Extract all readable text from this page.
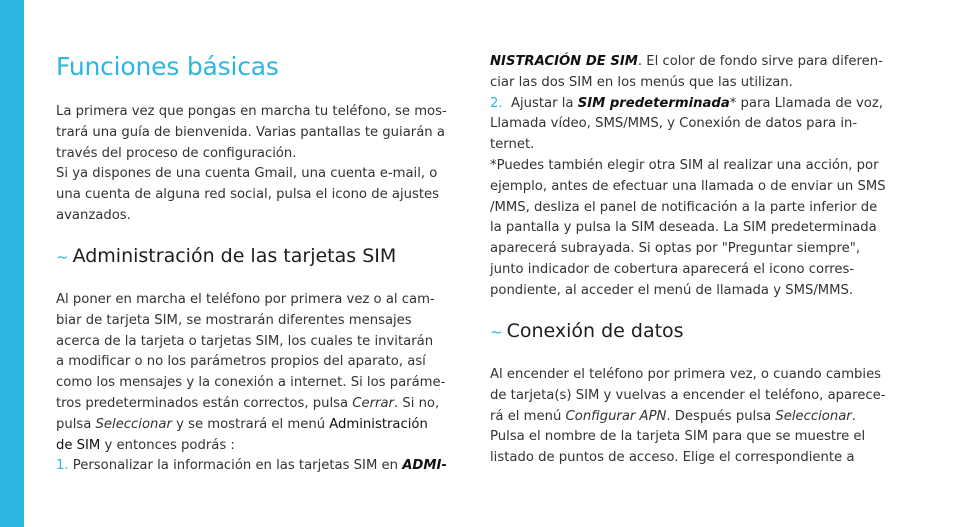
Funciones básicas

La primera vez que pongas en marcha tu teléfono, se mos-

trará una guía de bienvenida. Varias pantallas te guiarán a

través del proceso de configuración.

Si ya dispones de una cuenta Gmail, una cuenta e-mail, o

una cuenta de alguna red social, pulsa el icono de ajustes

avanzados.

~ Administración de las tarjetas SIM

Al poner en marcha el teléfono por primera vez o al cam-

biar de tarjeta SIM, se mostrarán diferentes mensajes

acerca de la tarjeta o tarjetas SIM, los cuales te invitarán

a modificar o no los parámetros propios del aparato, así

como los mensajes y la conexión a internet. Si los paráme-

tros predeterminados están correctos, pulsa Cerrar. Si no,

pulsa Seleccionar y se mostrará el menú Administración

de SIM y entonces podrás :

1. Personalizar la información en las tarjetas SIM en ADMI-

NISTRACIÓN DE SIM. El color de fondo sirve para diferen-

ciar las dos SIM en los menús que las utilizan.

2.  Ajustar la SIM predeterminada* para Llamada de voz,

Llamada vídeo, SMS/MMS, y Conexión de datos para in-

ternet.

*Puedes también elegir otra SIM al realizar una acción, por

ejemplo, antes de efectuar una llamada o de enviar un SMS

/MMS, desliza el panel de notificación a la parte inferior de

la pantalla y pulsa la SIM deseada. La SIM predeterminada

aparecerá subrayada. Si optas por "Preguntar siempre",

junto indicador de cobertura aparecerá el icono corres-

pondiente, al acceder el menú de llamada y SMS/MMS.

~ Conexión de datos

Al encender el teléfono por primera vez, o cuando cambies

de tarjeta(s) SIM y vuelvas a encender el teléfono, aparece-

rá el menú Configurar APN. Después pulsa Seleccionar.

Pulsa el nombre de la tarjeta SIM para que se muestre el

listado de puntos de acceso. Elige el correspondiente a
